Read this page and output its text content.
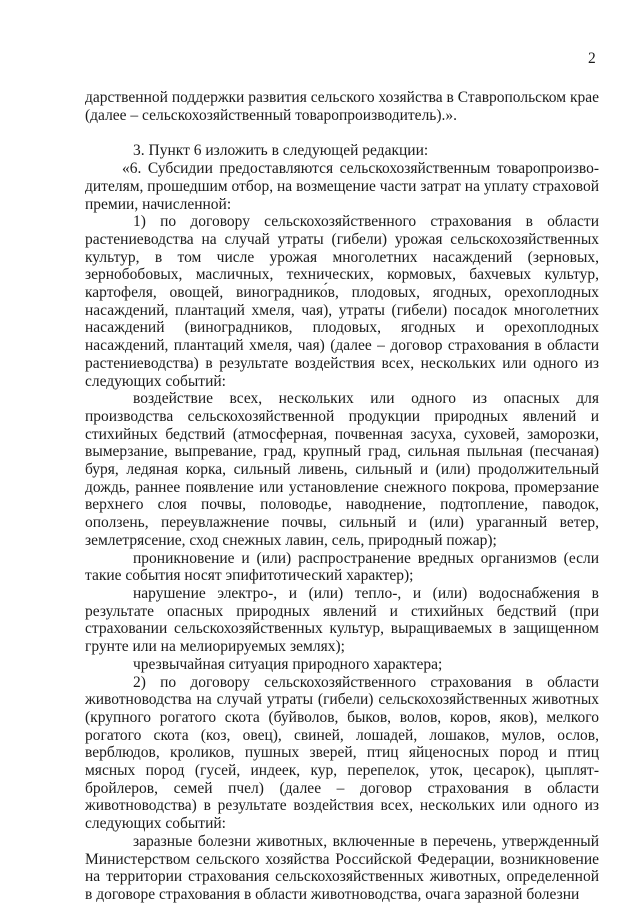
2

дарственной поддержки развития сельского хозяйства в Ставропольском крае (далее – сельскохозяйственный товаропроизводитель).».

3. Пункт 6 изложить в следующей редакции:

«6. Субсидии предоставляются сельскохозяйственным товаропроизводителям, прошедшим отбор, на возмещение части затрат на уплату страховой премии, начисленной:

1) по договору сельскохозяйственного страхования в области растениеводства на случай утраты (гибели) урожая сельскохозяйственных культур, в том числе урожая многолетних насаждений (зерновых, зернобобовых, масличных, технических, кормовых, бахчевых культур, картофеля, овощей, винограднико́в, плодовых, ягодных, орехоплодных насаждений, плантаций хмеля, чая), утраты (гибели) посадок многолетних насаждений (виноградников, плодовых, ягодных и орехоплодных насаждений, плантаций хмеля, чая) (далее – договор страхования в области растениеводства) в результате воздействия всех, нескольких или одного из следующих событий:

воздействие всех, нескольких или одного из опасных для производства сельскохозяйственной продукции природных явлений и стихийных бедствий (атмосферная, почвенная засуха, суховей, заморозки, вымерзание, выпревание, град, крупный град, сильная пыльная (песчаная) буря, ледяная корка, сильный ливень, сильный и (или) продолжительный дождь, раннее появление или установление снежного покрова, промерзание верхнего слоя почвы, половодье, наводнение, подтопление, паводок, оползень, переувлажнение почвы, сильный и (или) ураганный ветер, землетрясение, сход снежных лавин, сель, природный пожар);

проникновение и (или) распространение вредных организмов (если такие события носят эпифитотический характер);

нарушение электро-, и (или) тепло-, и (или) водоснабжения в результате опасных природных явлений и стихийных бедствий (при страховании сельскохозяйственных культур, выращиваемых в защищенном грунте или на мелиорируемых землях);

чрезвычайная ситуация природного характера;

2) по договору сельскохозяйственного страхования в области животноводства на случай утраты (гибели) сельскохозяйственных животных (крупного рогатого скота (буйволов, быков, волов, коров, яков), мелкого рогатого скота (коз, овец), свиней, лошадей, лошаков, мулов, ослов, верблюдов, кроликов, пушных зверей, птиц яйценосных пород и птиц мясных пород (гусей, индеек, кур, перепелок, уток, цесарок), цыплят-бройлеров, семей пчел) (далее – договор страхования в области животноводства) в результате воздействия всех, нескольких или одного из следующих событий:

заразные болезни животных, включенные в перечень, утвержденный Министерством сельского хозяйства Российской Федерации, возникновение на территории страхования сельскохозяйственных животных, определенной в договоре страхования в области животноводства, очага заразной болезни
